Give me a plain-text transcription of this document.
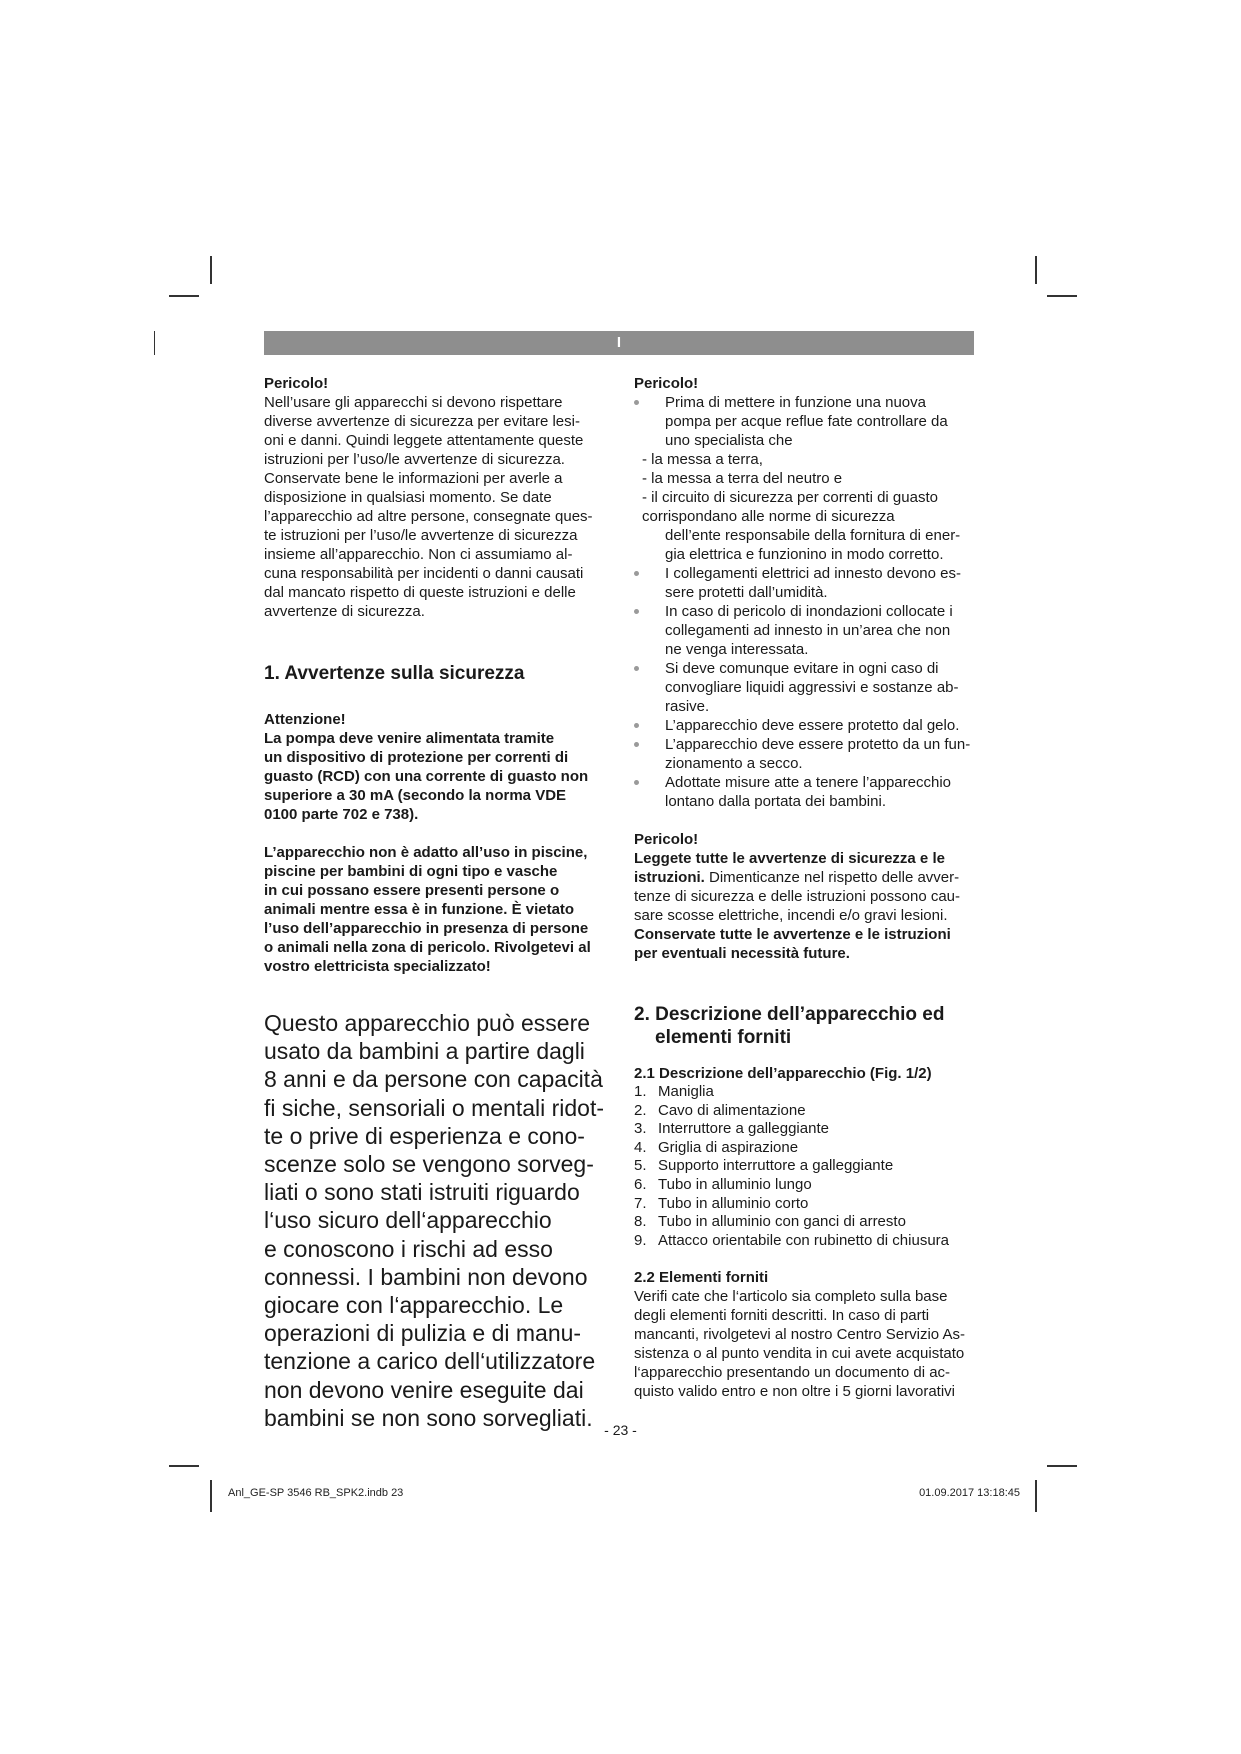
I

Pericolo!

Nell’usare gli apparecchi si devono rispettare

diverse avvertenze di sicurezza per evitare lesi-

oni e danni. Quindi leggete attentamente queste

istruzioni per l’uso/le avvertenze di sicurezza.

Conservate bene le informazioni per averle a

disposizione in qualsiasi momento. Se date

l’apparecchio ad altre persone, consegnate ques-

te istruzioni per l’uso/le avvertenze di sicurezza

insieme all’apparecchio. Non ci assumiamo al-

cuna responsabilità per incidenti o danni causati

dal mancato rispetto di queste istruzioni e delle

avvertenze di sicurezza.

1. Avvertenze sulla sicurezza

Attenzione!

La pompa deve venire alimentata tramite

un dispositivo di protezione per correnti di

guasto (RCD) con una corrente di guasto non

superiore a 30 mA (secondo la norma VDE

0100 parte 702 e 738).

L’apparecchio non è adatto all’uso in piscine,

piscine per bambini di ogni tipo e vasche

in cui possano essere presenti persone o

animali mentre essa è in funzione. È vietato

l’uso dell’apparecchio in presenza di persone

o animali nella zona di pericolo. Rivolgetevi al

vostro elettricista specializzato!

Questo apparecchio può essere

usato da bambini a partire dagli

8 anni e da persone con capacità

fi siche, sensoriali o mentali ridot-

te o prive di esperienza e cono-

scenze solo se vengono sorveg-

liati o sono stati istruiti riguardo

l‘uso sicuro dell‘apparecchio

e conoscono i rischi ad esso

connessi. I bambini non devono

giocare con l‘apparecchio. Le

operazioni di pulizia e di manu-

tenzione a carico dell‘utilizzatore

non devono venire eseguite dai

bambini se non sono sorvegliati.

Pericolo!

Prima di mettere in funzione una nuova

pompa per acque reflue fate controllare da

uno specialista che

- la messa a terra,

- la messa a terra del neutro e

- il circuito di sicurezza per correnti di guasto

corrispondano alle norme di sicurezza

dell’ente responsabile della fornitura di ener-

gia elettrica e funzionino in modo corretto.

I collegamenti elettrici ad innesto devono es-

sere protetti dall’umidità.

In caso di pericolo di inondazioni collocate i

collegamenti ad innesto in un’area che non

ne venga interessata.

Si deve comunque evitare in ogni caso di

convogliare liquidi aggressivi e sostanze ab-

rasive.

L’apparecchio deve essere protetto dal gelo.

L’apparecchio deve essere protetto da un fun-

zionamento a secco.

Adottate misure atte a tenere l’apparecchio

lontano dalla portata dei bambini.

Pericolo!

Leggete tutte le avvertenze di sicurezza e le

istruzioni. Dimenticanze nel rispetto delle avver-

tenze di sicurezza e delle istruzioni possono cau-

sare scosse elettriche, incendi e/o gravi lesioni.

Conservate tutte le avvertenze e le istruzioni

per eventuali necessità future.

2. Descrizione dell’apparecchio ed

elementi forniti

2.1 Descrizione dell’apparecchio (Fig. 1/2)

1. Maniglia
2. Cavo di alimentazione
3. Interruttore a galleggiante
4. Griglia di aspirazione
5. Supporto interruttore a galleggiante
6. Tubo in alluminio lungo
7. Tubo in alluminio corto
8. Tubo in alluminio con ganci di arresto
9. Attacco orientabile con rubinetto di chiusura

2.2 Elementi forniti

Verifi cate che l‘articolo sia completo sulla base

degli elementi forniti descritti. In caso di parti

mancanti, rivolgetevi al nostro Centro Servizio As-

sistenza o al punto vendita in cui avete acquistato

l‘apparecchio presentando un documento di ac-

quisto valido entro e non oltre i 5 giorni lavorativi

- 23 -
Anl_GE-SP 3546 RB_SPK2.indb 23	01.09.2017 13:18:45
